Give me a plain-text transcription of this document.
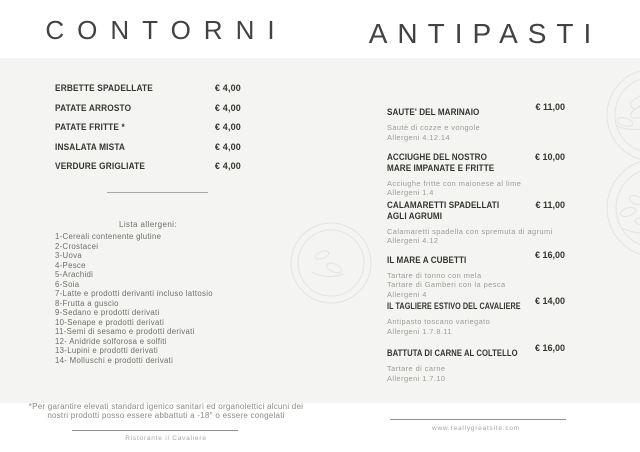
CONTORNI	ANTIPASTI
ERBETTE SPADELLATE	€ 4,00
PATATE ARROSTO	€ 4,00
PATATE FRITTE *	€ 4,00
INSALATA MISTA	€ 4,00
VERDURE GRIGLIATE	€ 4,00
Lista allergeni:
1-Cereali contenente glutine
2-Crostacei
3-Uova
4-Pesce
5-Arachidi
6-Soia
7-Latte e prodotti derivanti incluso lattosio
8-Frutta a guscio
9-Sedano e prodotti derivati
10-Senape e prodotti derivati
11-Semi di sesamo e prodotti derivati
12- Anidride solforosa e solfiti
13-Lupini e prodotti derivati
14- Molluschi e prodotti derivati
SAUTE' DEL MARINAIO	€ 11,00
Sautè di cozze e vongole
Allergeni 4.12.14
ACCIUGHE DEL NOSTRO MARE IMPANATE E FRITTE
€ 10,00
Acciughe fritte con maionese al lime
Allergeni 1.4
CALAMARETTI SPADELLATI AGLI AGRUMI
€ 11,00
Calamaretti spadella con spremuta di agrumi
Allergeni 4.12
IL MARE A CUBETTI	€ 16,00
Tartare di tonno con mela
Tartare di Gamberi con la pesca
Allergeni 4
IL TAGLIERE ESTIVO DEL CAVALIERE € 14,00
Antipasto toscano variegato
Allergeni 1.7.8.11
BATTUTA DI CARNE AL COLTELLO € 16,00
Tartare di carne
Allergeni 1.7.10
*Per garantire elevati standard igenico sanitari ed organolettici alcuni dei nostri prodotti posso essere abbattuti a -18° o essere congelati
Ristorante il Cavaliere
www.reallygreatsite.com
